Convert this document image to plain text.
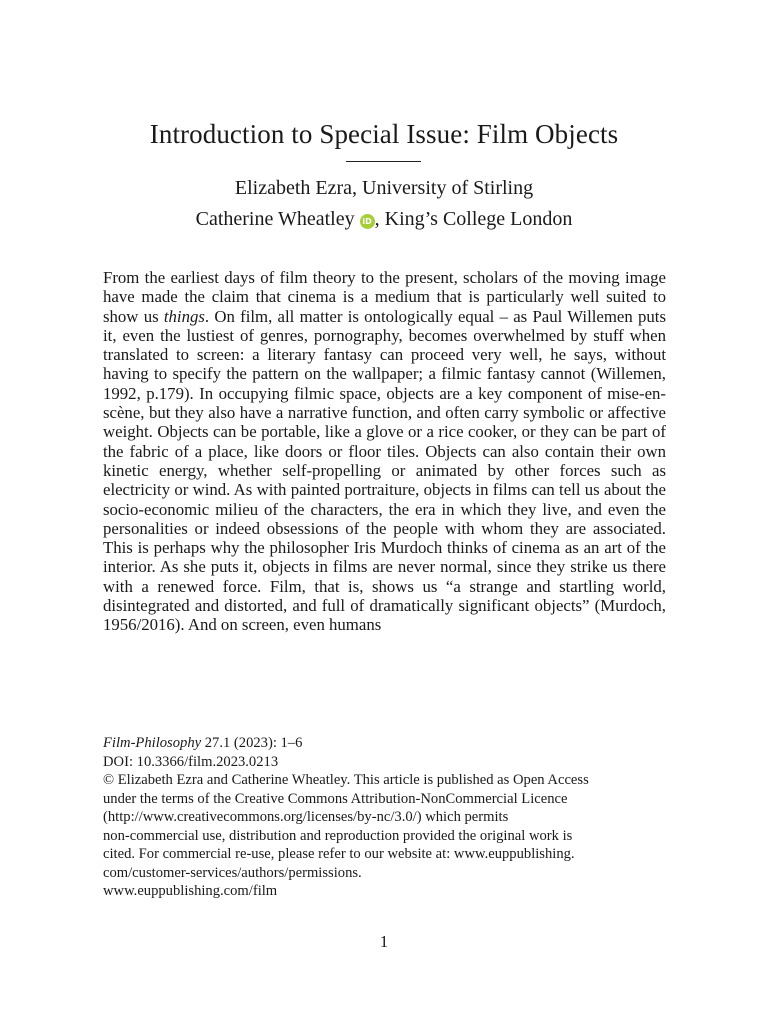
Introduction to Special Issue: Film Objects
Elizabeth Ezra, University of Stirling
Catherine Wheatley iD , King’s College London

From the earliest days of film theory to the present, scholars of the moving image have made the claim that cinema is a medium that is particularly well suited to show us things. On film, all matter is ontologically equal – as Paul Willemen puts it, even the lustiest of genres, pornography, becomes overwhelmed by stuff when translated to screen: a literary fantasy can proceed very well, he says, without having to specify the pattern on the wallpaper; a filmic fantasy cannot (Willemen, 1992, p.179). In occupying filmic space, objects are a key component of mise-en-scène, but they also have a narrative function, and often carry symbolic or affective weight. Objects can be portable, like a glove or a rice cooker, or they can be part of the fabric of a place, like doors or floor tiles. Objects can also contain their own kinetic energy, whether self-propelling or animated by other forces such as electricity or wind. As with painted portraiture, objects in films can tell us about the socio-economic milieu of the characters, the era in which they live, and even the personalities or indeed obsessions of the people with whom they are associated. This is perhaps why the philosopher Iris Murdoch thinks of cinema as an art of the interior. As she puts it, objects in films are never normal, since they strike us there with a renewed force. Film, that is, shows us “a strange and startling world, disintegrated and distorted, and full of dramatically significant objects” (Murdoch, 1956/2016). And on screen, even humans

Film-Philosophy 27.1 (2023): 1–6
DOI: 10.3366/film.2023.0213
© Elizabeth Ezra and Catherine Wheatley. This article is published as Open Access
under the terms of the Creative Commons Attribution-NonCommercial Licence
(http://www.creativecommons.org/licenses/by-nc/3.0/) which permits
non-commercial use, distribution and reproduction provided the original work is
cited. For commercial re-use, please refer to our website at: www.euppublishing.
com/customer-services/authors/permissions.
www.euppublishing.com/film
1
